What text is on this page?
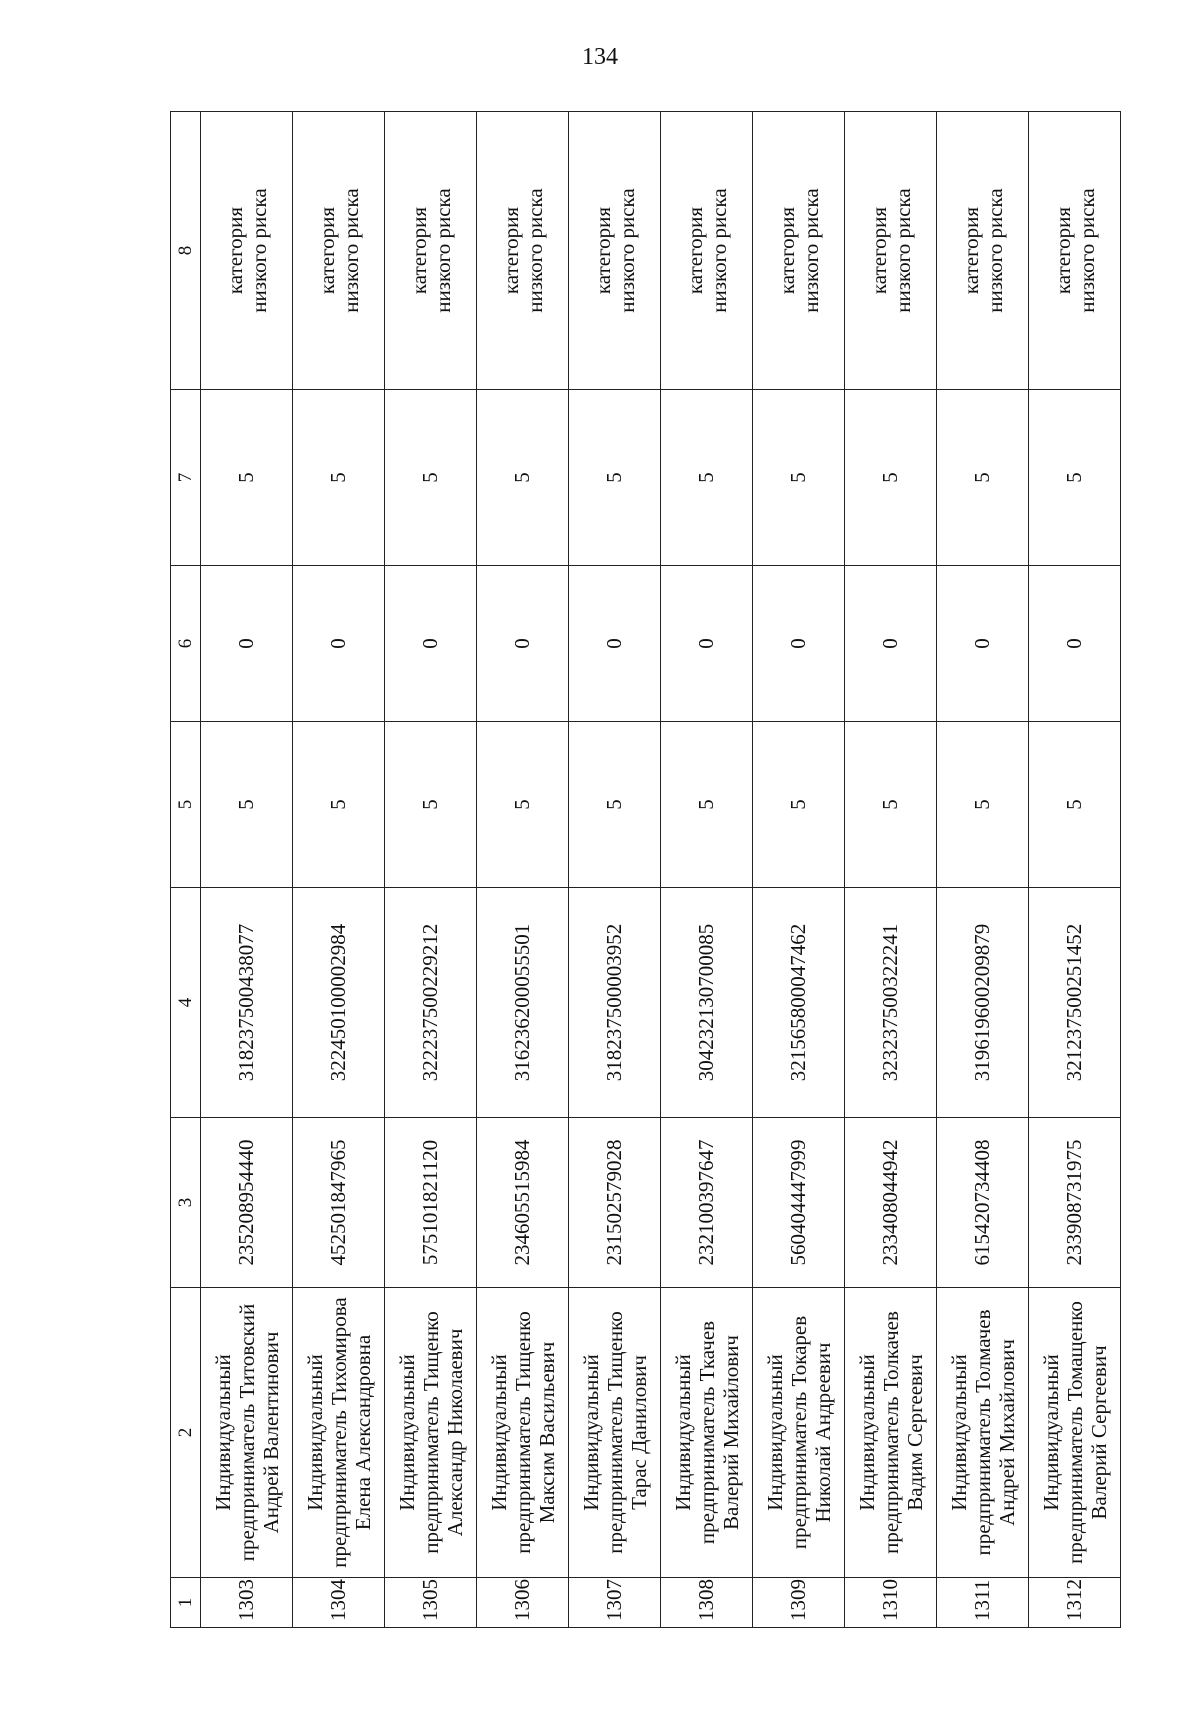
134
1	2	3	4	5	6	7	8
1303	Индивидуальный
предприниматель Титовский
Андрей Валентинович	235208954440	318237500438077	5	0	5	категория
низкого риска
1304	Индивидуальный
предприниматель Тихомирова
Елена Александровна	452501847965	322450100002984	5	0	5	категория
низкого риска
1305	Индивидуальный
предприниматель Тищенко
Александр Николаевич	575101821120	322237500229212	5	0	5	категория
низкого риска
1306	Индивидуальный
предприниматель Тищенко
Максим Васильевич	234605515984	316236200055501	5	0	5	категория
низкого риска
1307	Индивидуальный
предприниматель Тищенко
Тарас Данилович	231502579028	318237500003952	5	0	5	категория
низкого риска
1308	Индивидуальный
предприниматель Ткачев
Валерий Михайлович	232100397647	304232130700085	5	0	5	категория
низкого риска
1309	Индивидуальный
предприниматель Токарев
Николай Андреевич	560404447999	321565800047462	5	0	5	категория
низкого риска
1310	Индивидуальный
предприниматель Толкачев
Вадим Сергеевич	233408044942	323237500322241	5	0	5	категория
низкого риска
1311	Индивидуальный
предприниматель Толмачев
Андрей Михайлович	615420734408	319619600209879	5	0	5	категория
низкого риска
1312	Индивидуальный
предприниматель Томащенко
Валерий Сергеевич	233908731975	321237500251452	5	0	5	категория
низкого риска
